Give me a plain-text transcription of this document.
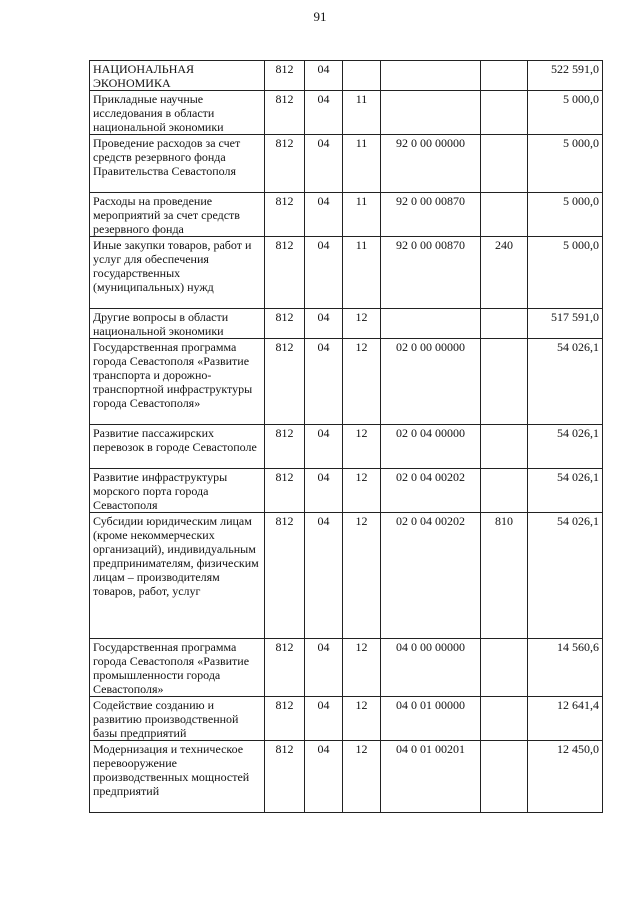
91
НАЦИОНАЛЬНАЯ ЭКОНОМИКА	812	04				522 591,0
Прикладные научные исследования в области национальной экономики	812	04	11			5 000,0
Проведение расходов за счет средств резервного фонда Правительства Севастополя	812	04	11	92 0 00 00000		5 000,0
Расходы на проведение мероприятий за счет средств резервного фонда	812	04	11	92 0 00 00870		5 000,0
Иные закупки товаров, работ и услуг для обеспечения государственных (муниципальных) нужд	812	04	11	92 0 00 00870	240	5 000,0
Другие вопросы в области национальной экономики	812	04	12			517 591,0
Государственная программа города Севастополя «Развитие транспорта и дорожно-транспортной инфраструктуры города Севастополя»	812	04	12	02 0 00 00000		54 026,1
Развитие пассажирских перевозок в городе Севастополе	812	04	12	02 0 04 00000		54 026,1
Развитие инфраструктуры морского порта города Севастополя	812	04	12	02 0 04 00202		54 026,1
Субсидии юридическим лицам (кроме некоммерческих организаций), индивидуальным предпринимателям, физическим лицам – производителям товаров, работ, услуг	812	04	12	02 0 04 00202	810	54 026,1
Государственная программа города Севастополя «Развитие промышленности города Севастополя»	812	04	12	04 0 00 00000		14 560,6
Содействие созданию и развитию производственной базы предприятий	812	04	12	04 0 01 00000		12 641,4
Модернизация и техническое перевооружение производственных мощностей предприятий	812	04	12	04 0 01 00201		12 450,0
